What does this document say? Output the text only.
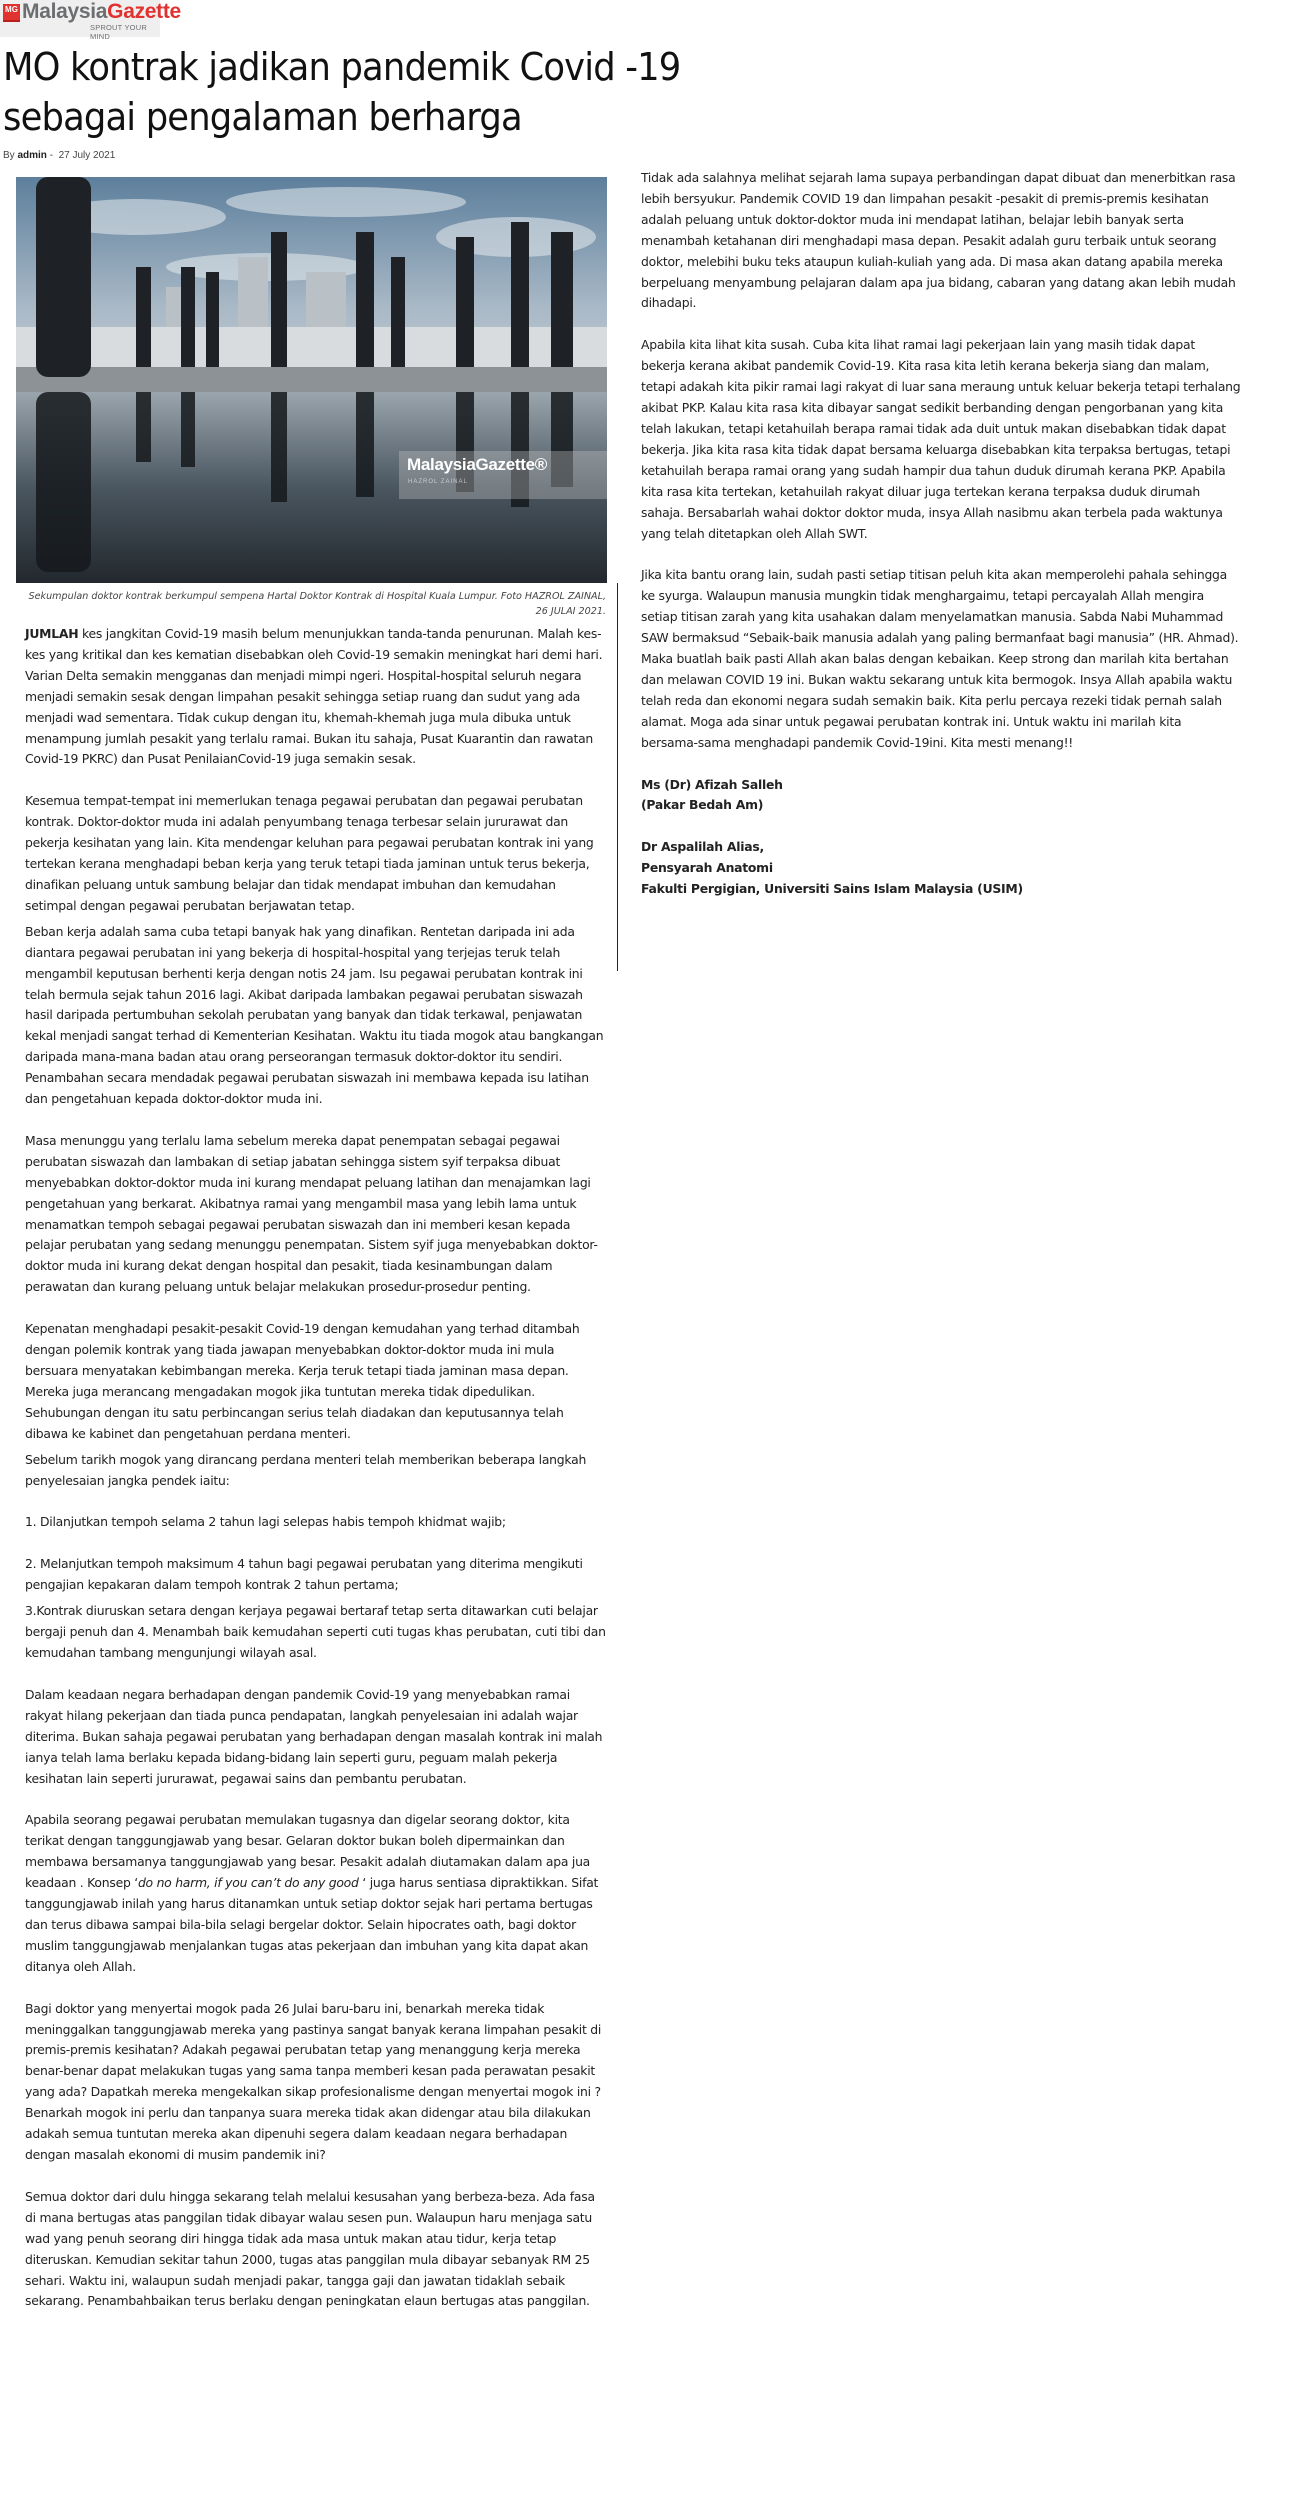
MG MalaysiaGazette
SPROUT YOUR MIND
MO kontrak jadikan pandemik Covid -19
sebagai pengalaman berharga
By admin -  27 July 2021
MalaysiaGazette®
HAZROL ZAINAL
Sekumpulan doktor kontrak berkumpul sempena Hartal Doktor Kontrak di Hospital Kuala Lumpur. Foto HAZROL ZAINAL, 26 JULAI 2021.

JUMLAH kes jangkitan Covid-19 masih belum menunjukkan tanda-tanda penurunan. Malah kes-kes yang kritikal dan kes kematian disebabkan oleh Covid-19 semakin meningkat hari demi hari. Varian Delta semakin mengganas dan menjadi mimpi ngeri. Hospital-hospital seluruh negara menjadi semakin sesak dengan limpahan pesakit sehingga setiap ruang dan sudut yang ada menjadi wad sementara. Tidak cukup dengan itu, khemah-khemah juga mula dibuka untuk menampung jumlah pesakit yang terlalu ramai. Bukan itu sahaja, Pusat Kuarantin dan rawatan Covid-19 PKRC) dan Pusat PenilaianCovid-19 juga semakin sesak.

Kesemua tempat-tempat ini memerlukan tenaga pegawai perubatan dan pegawai perubatan kontrak. Doktor-doktor muda ini adalah penyumbang tenaga terbesar selain jururawat dan pekerja kesihatan yang lain. Kita mendengar keluhan para pegawai perubatan kontrak ini yang tertekan kerana menghadapi beban kerja yang teruk tetapi tiada jaminan untuk terus bekerja, dinafikan peluang untuk sambung belajar dan tidak mendapat imbuhan dan kemudahan setimpal dengan pegawai perubatan berjawatan tetap.

Beban kerja adalah sama cuba tetapi banyak hak yang dinafikan. Rentetan daripada ini ada diantara pegawai perubatan ini yang bekerja di hospital-hospital yang terjejas teruk telah mengambil keputusan berhenti kerja dengan notis 24 jam. Isu pegawai perubatan kontrak ini telah bermula sejak tahun 2016 lagi. Akibat daripada lambakan pegawai perubatan siswazah hasil daripada pertumbuhan sekolah perubatan yang banyak dan tidak terkawal, penjawatan kekal menjadi sangat terhad di Kementerian Kesihatan. Waktu itu tiada mogok atau bangkangan daripada mana-mana badan atau orang perseorangan termasuk doktor-doktor itu sendiri. Penambahan secara mendadak pegawai perubatan siswazah ini membawa kepada isu latihan dan pengetahuan kepada doktor-doktor muda ini.

Masa menunggu yang terlalu lama sebelum mereka dapat penempatan sebagai pegawai perubatan siswazah dan lambakan di setiap jabatan sehingga sistem syif terpaksa dibuat menyebabkan doktor-doktor muda ini kurang mendapat peluang latihan dan menajamkan lagi pengetahuan yang berkarat. Akibatnya ramai yang mengambil masa yang lebih lama untuk menamatkan tempoh sebagai pegawai perubatan siswazah dan ini memberi kesan kepada pelajar perubatan yang sedang menunggu penempatan. Sistem syif juga menyebabkan doktor-doktor muda ini kurang dekat dengan hospital dan pesakit, tiada kesinambungan dalam perawatan dan kurang peluang untuk belajar melakukan prosedur-prosedur penting.

Kepenatan menghadapi pesakit-pesakit Covid-19 dengan kemudahan yang terhad ditambah dengan polemik kontrak yang tiada jawapan menyebabkan doktor-doktor muda ini mula bersuara menyatakan kebimbangan mereka. Kerja teruk tetapi tiada jaminan masa depan. Mereka juga merancang mengadakan mogok jika tuntutan mereka tidak dipedulikan. Sehubungan dengan itu satu perbincangan serius telah diadakan dan keputusannya telah dibawa ke kabinet dan pengetahuan perdana menteri.

Sebelum tarikh mogok yang dirancang perdana menteri telah memberikan beberapa langkah penyelesaian jangka pendek iaitu:

1. Dilanjutkan tempoh selama 2 tahun lagi selepas habis tempoh khidmat wajib;

2. Melanjutkan tempoh maksimum 4 tahun bagi pegawai perubatan yang diterima mengikuti pengajian kepakaran dalam tempoh kontrak 2 tahun pertama;

3.Kontrak diuruskan setara dengan kerjaya pegawai bertaraf tetap serta ditawarkan cuti belajar bergaji penuh dan 4. Menambah baik kemudahan seperti cuti tugas khas perubatan, cuti tibi dan kemudahan tambang mengunjungi wilayah asal.

Dalam keadaan negara berhadapan dengan pandemik Covid-19 yang menyebabkan ramai rakyat hilang pekerjaan dan tiada punca pendapatan, langkah penyelesaian ini adalah wajar diterima. Bukan sahaja pegawai perubatan yang berhadapan dengan masalah kontrak ini malah ianya telah lama berlaku kepada bidang-bidang lain seperti guru, peguam malah pekerja kesihatan lain seperti jururawat, pegawai sains dan pembantu perubatan.

Apabila seorang pegawai perubatan memulakan tugasnya dan digelar seorang doktor, kita terikat dengan tanggungjawab yang besar. Gelaran doktor bukan boleh dipermainkan dan membawa bersamanya tanggungjawab yang besar. Pesakit adalah diutamakan dalam apa jua keadaan . Konsep ‘do no harm, if you can’t do any good ‘ juga harus sentiasa dipraktikkan. Sifat tanggungjawab inilah yang harus ditanamkan untuk setiap doktor sejak hari pertama bertugas dan terus dibawa sampai bila-bila selagi bergelar doktor. Selain hipocrates oath, bagi doktor muslim tanggungjawab menjalankan tugas atas pekerjaan dan imbuhan yang kita dapat akan ditanya oleh Allah.

Bagi doktor yang menyertai mogok pada 26 Julai baru-baru ini, benarkah mereka tidak meninggalkan tanggungjawab mereka yang pastinya sangat banyak kerana limpahan pesakit di premis-premis kesihatan? Adakah pegawai perubatan tetap yang menanggung kerja mereka benar-benar dapat melakukan tugas yang sama tanpa memberi kesan pada perawatan pesakit yang ada? Dapatkah mereka mengekalkan sikap profesionalisme dengan menyertai mogok ini ? Benarkah mogok ini perlu dan tanpanya suara mereka tidak akan didengar atau bila dilakukan adakah semua tuntutan mereka akan dipenuhi segera dalam keadaan negara berhadapan dengan masalah ekonomi di musim pandemik ini?

Semua doktor dari dulu hingga sekarang telah melalui kesusahan yang berbeza-beza. Ada fasa di mana bertugas atas panggilan tidak dibayar walau sesen pun. Walaupun haru menjaga satu wad yang penuh seorang diri hingga tidak ada masa untuk makan atau tidur, kerja tetap diteruskan. Kemudian sekitar tahun 2000, tugas atas panggilan mula dibayar sebanyak RM 25 sehari. Waktu ini, walaupun sudah menjadi pakar, tangga gaji dan jawatan tidaklah sebaik sekarang. Penambahbaikan terus berlaku dengan peningkatan elaun bertugas atas panggilan.

Tidak ada salahnya melihat sejarah lama supaya perbandingan dapat dibuat dan menerbitkan rasa lebih bersyukur. Pandemik COVID 19 dan limpahan pesakit -pesakit di premis-premis kesihatan adalah peluang untuk doktor-doktor muda ini mendapat latihan, belajar lebih banyak serta menambah ketahanan diri menghadapi masa depan. Pesakit adalah guru terbaik untuk seorang doktor, melebihi buku teks ataupun kuliah-kuliah yang ada. Di masa akan datang apabila mereka berpeluang menyambung pelajaran dalam apa jua bidang, cabaran yang datang akan lebih mudah dihadapi.

Apabila kita lihat kita susah. Cuba kita lihat ramai lagi pekerjaan lain yang masih tidak dapat bekerja kerana akibat pandemik Covid-19. Kita rasa kita letih kerana bekerja siang dan malam, tetapi adakah kita pikir ramai lagi rakyat di luar sana meraung untuk keluar bekerja tetapi terhalang akibat PKP. Kalau kita rasa kita dibayar sangat sedikit berbanding dengan pengorbanan yang kita telah lakukan, tetapi ketahuilah berapa ramai tidak ada duit untuk makan disebabkan tidak dapat bekerja. Jika kita rasa kita tidak dapat bersama keluarga disebabkan kita terpaksa bertugas, tetapi ketahuilah berapa ramai orang yang sudah hampir dua tahun duduk dirumah kerana PKP. Apabila kita rasa kita tertekan, ketahuilah rakyat diluar juga tertekan kerana terpaksa duduk dirumah sahaja. Bersabarlah wahai doktor doktor muda, insya Allah nasibmu akan terbela pada waktunya yang telah ditetapkan oleh Allah SWT.

Jika kita bantu orang lain, sudah pasti setiap titisan peluh kita akan memperolehi pahala sehingga ke syurga. Walaupun manusia mungkin tidak menghargaimu, tetapi percayalah Allah mengira setiap titisan zarah yang kita usahakan dalam menyelamatkan manusia. Sabda Nabi Muhammad SAW bermaksud “Sebaik-baik manusia adalah yang paling bermanfaat bagi manusia” (HR. Ahmad). Maka buatlah baik pasti Allah akan balas dengan kebaikan. Keep strong dan marilah kita bertahan dan melawan COVID 19 ini. Bukan waktu sekarang untuk kita bermogok. Insya Allah apabila waktu telah reda dan ekonomi negara sudah semakin baik. Kita perlu percaya rezeki tidak pernah salah alamat. Moga ada sinar untuk pegawai perubatan kontrak ini. Untuk waktu ini marilah kita bersama-sama menghadapi pandemik Covid-19ini. Kita mesti menang!!

Ms (Dr) Afizah Salleh

(Pakar Bedah Am)

Dr Aspalilah Alias,

Pensyarah Anatomi

Fakulti Pergigian, Universiti Sains Islam Malaysia (USIM)
